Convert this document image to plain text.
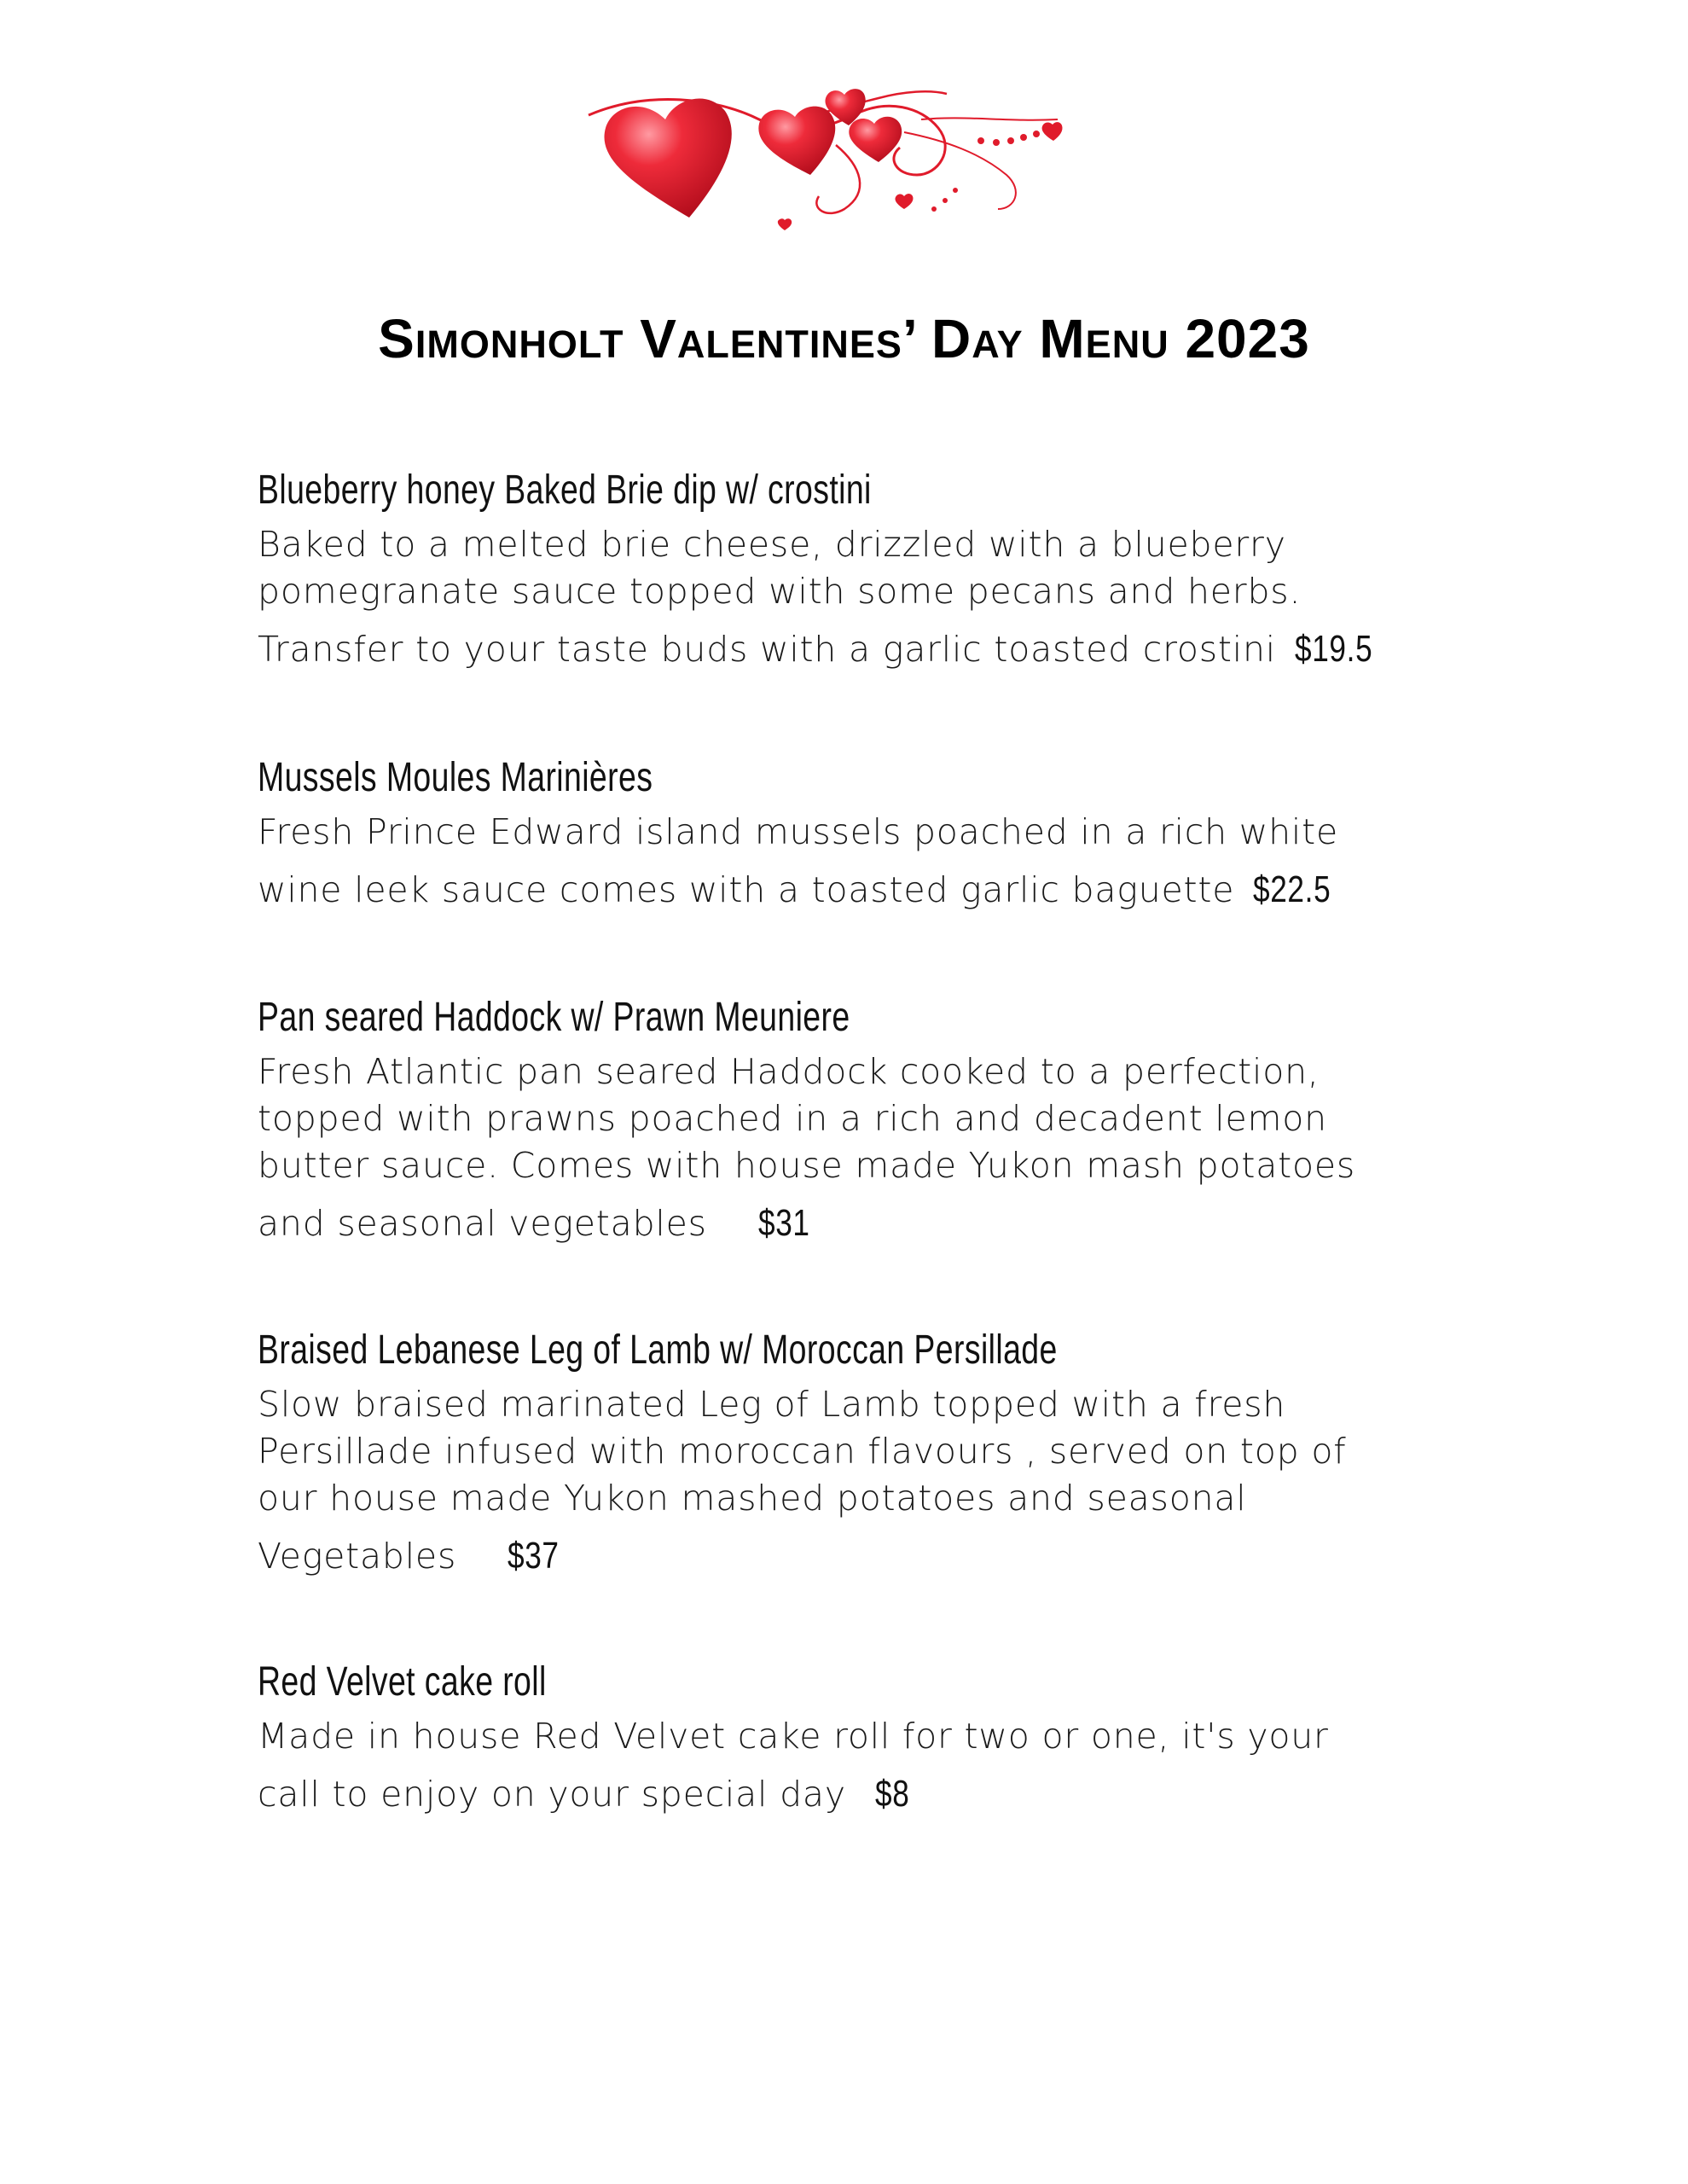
Simonholt Valentines’ Day Menu 2023
Blueberry honey Baked Brie dip w/ crostini
Baked to a melted brie cheese, drizzled with a blueberry
pomegranate sauce topped with some pecans and herbs.
Transfer to your taste buds with a garlic toasted crostini $19.5
Mussels Moules Marinières
Fresh Prince Edward island mussels poached in a rich white
wine leek sauce comes with a toasted garlic baguette $22.5
Pan seared Haddock w/ Prawn Meuniere
Fresh Atlantic pan seared Haddock cooked to a perfection,
topped with prawns poached in a rich and decadent lemon
butter sauce. Comes with house made Yukon mash potatoes
and seasonal vegetables $31
Braised Lebanese Leg of Lamb w/ Moroccan Persillade
Slow braised marinated Leg of Lamb topped with a fresh
Persillade infused with moroccan flavours , served on top of
our house made Yukon mashed potatoes and seasonal
Vegetables $37
Red Velvet cake roll
Made in house Red Velvet cake roll for two or one, it's your
call to enjoy on your special day $8
